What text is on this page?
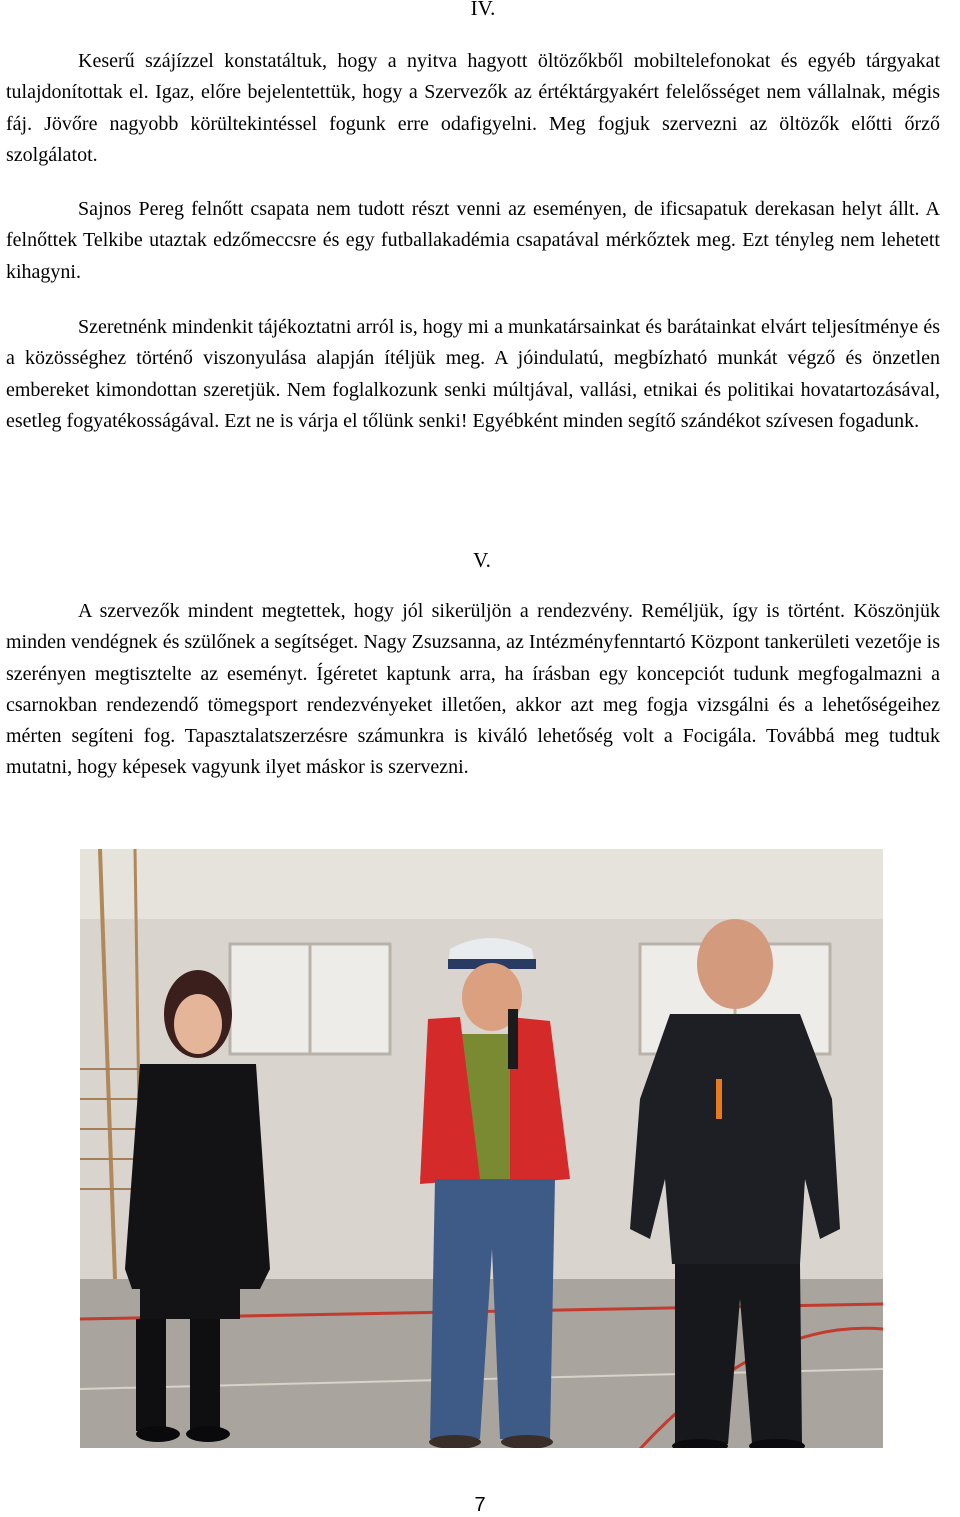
IV.

Keserű szájízzel konstatáltuk, hogy a nyitva hagyott öltözőkből mobiltelefonokat és egyéb tárgyakat tulajdonítottak el. Igaz, előre bejelentettük, hogy a Szervezők az értéktárgyakért felelősséget nem vállalnak, mégis fáj. Jövőre nagyobb körültekintéssel fogunk erre odafigyelni. Meg fogjuk szervezni az öltözők előtti őrző szolgálatot.

Sajnos Pereg felnőtt csapata nem tudott részt venni az eseményen, de ificsapatuk derekasan helyt állt. A felnőttek Telkibe utaztak edzőmeccsre és egy futballakadémia csapatával mérkőztek meg. Ezt tényleg nem lehetett kihagyni.

Szeretnénk mindenkit tájékoztatni arról is, hogy mi a munkatársainkat és barátainkat elvárt teljesítménye és a közösséghez történő viszonyulása alapján ítéljük meg. A jóindulatú, megbízható munkát végző és önzetlen embereket kimondottan szeretjük. Nem foglalkozunk senki múltjával, vallási, etnikai és politikai hovatartozásával, esetleg fogyatékosságával. Ezt ne is várja el tőlünk senki! Egyébként minden segítő szándékot szívesen fogadunk.

V.

A szervezők mindent megtettek, hogy jól sikerüljön a rendezvény. Reméljük, így is történt. Köszönjük minden vendégnek és szülőnek a segítséget. Nagy Zsuzsanna, az Intézményfenntartó Központ tankerületi vezetője is szerényen megtisztelte az eseményt. Ígéretet kaptunk arra, ha írásban egy koncepciót tudunk megfogalmazni a csarnokban rendezendő tömegsport rendezvényeket illetően, akkor azt meg fogja vizsgálni és a lehetőségeihez mérten segíteni fog. Tapasztalatszerzésre számunkra is kiváló lehetőség volt a Focigála. Továbbá meg tudtuk mutatni, hogy képesek vagyunk ilyet máskor is szervezni.

7
